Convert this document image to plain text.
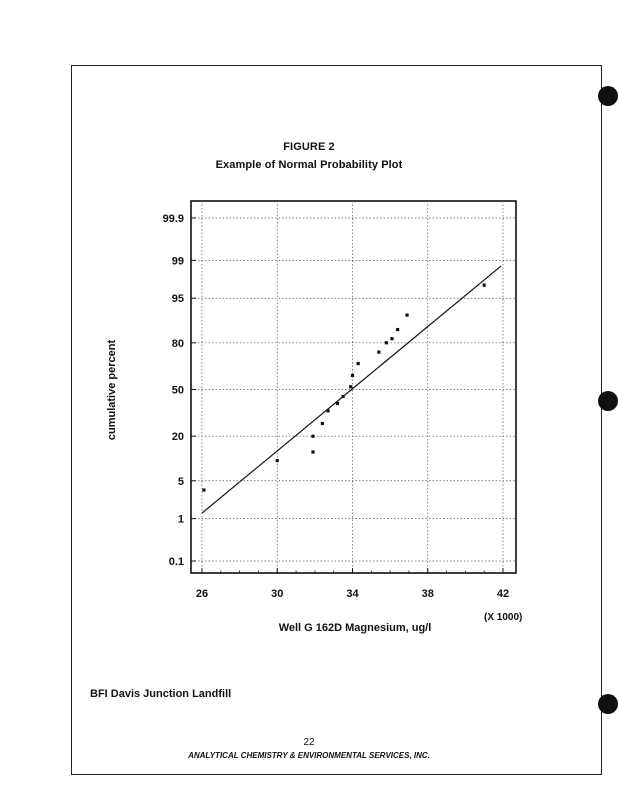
FIGURE 2
Example of Normal Probability Plot
26	30	34	38	42
0.1
1
5
20
50
80
95
99
99.9
cumulative percent
Well G 162D Magnesium, ug/l
(X 1000)
BFI Davis Junction Landfill
22
ANALYTICAL CHEMISTRY & ENVIRONMENTAL SERVICES, INC.
